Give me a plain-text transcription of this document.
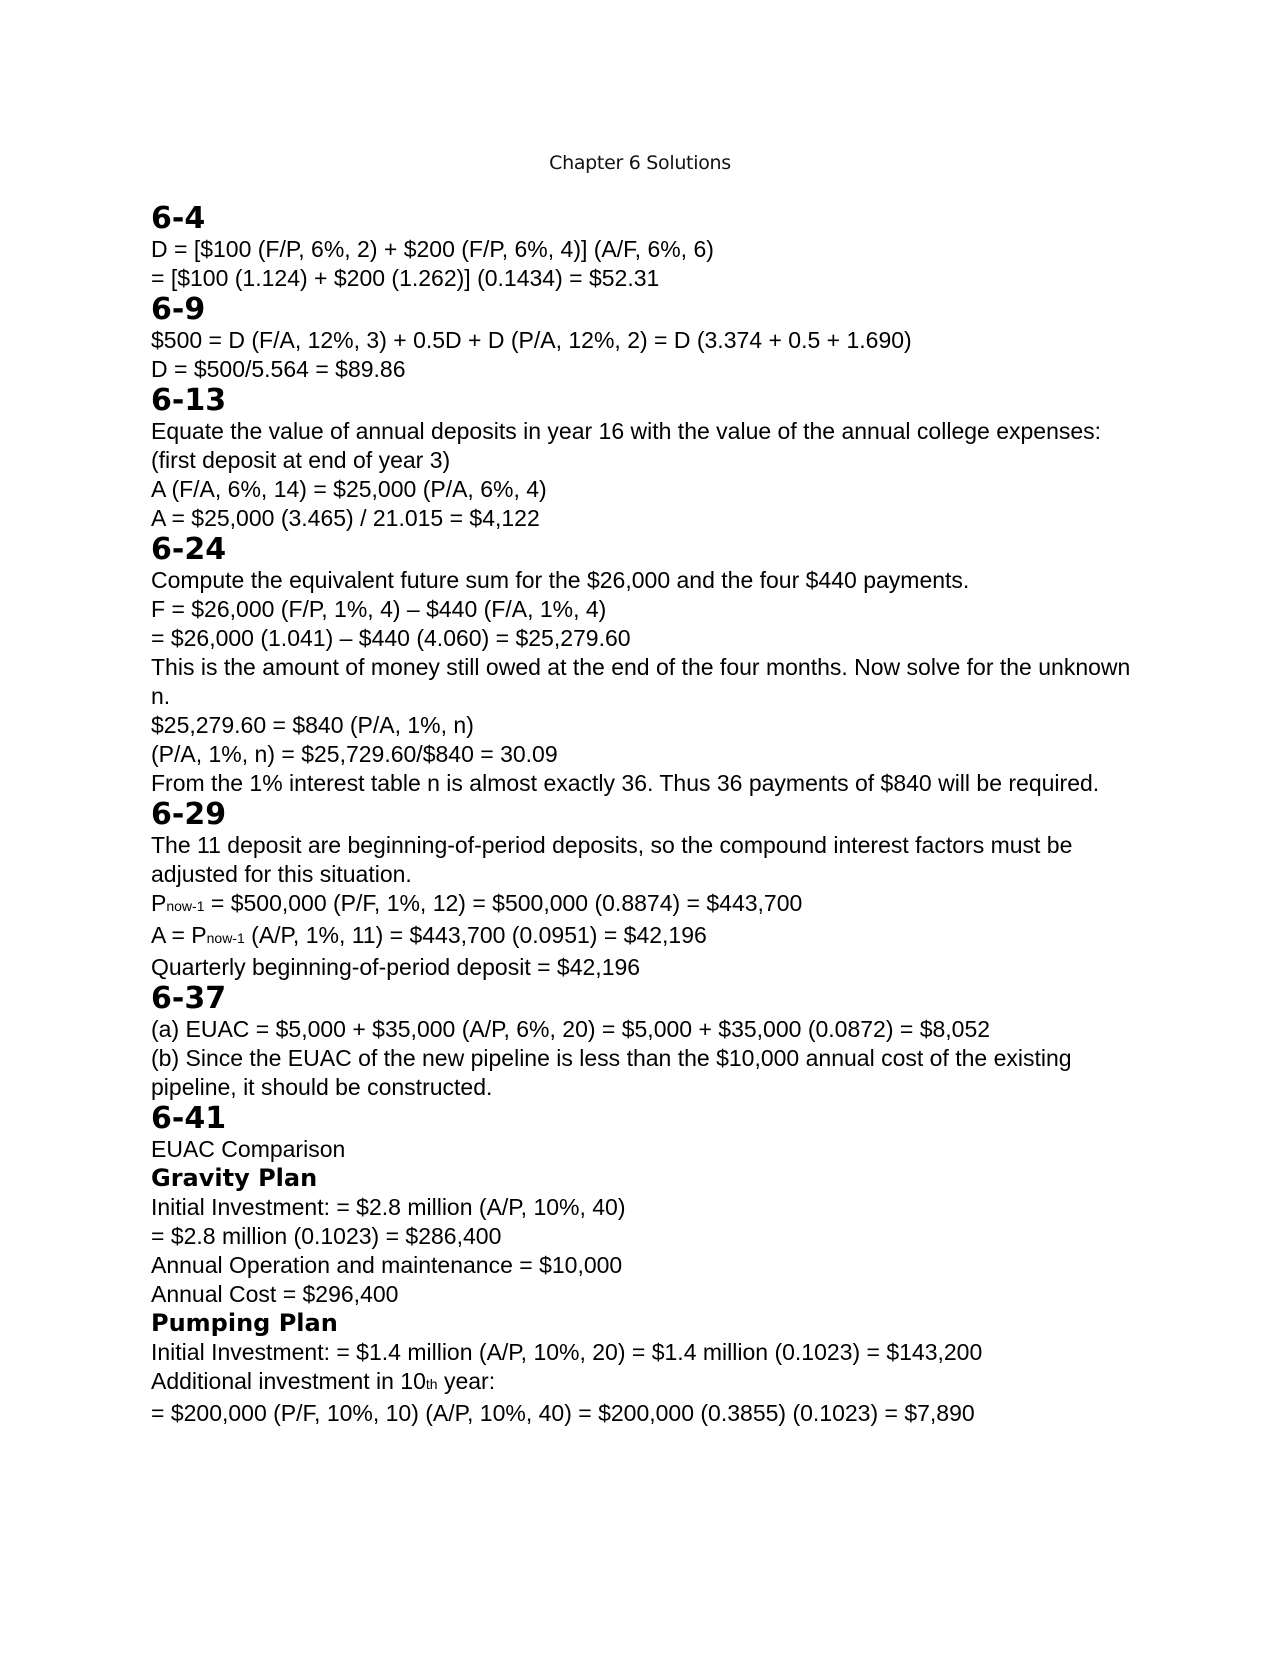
Chapter 6 Solutions
6-4

D = [$100 (F/P, 6%, 2) + $200 (F/P, 6%, 4)] (A/F, 6%, 6)

= [$100 (1.124) + $200 (1.262)] (0.1434) = $52.31

6-9

$500 = D (F/A, 12%, 3) + 0.5D + D (P/A, 12%, 2) = D (3.374 + 0.5 + 1.690)

D = $500/5.564 = $89.86

6-13

Equate the value of annual deposits in year 16 with the value of the annual college expenses: (first deposit at end of year 3)

A (F/A, 6%, 14) = $25,000 (P/A, 6%, 4)

A = $25,000 (3.465) / 21.015 = $4,122

6-24

Compute the equivalent future sum for the $26,000 and the four $440 payments.

F = $26,000 (F/P, 1%, 4) – $440 (F/A, 1%, 4)

= $26,000 (1.041) – $440 (4.060) = $25,279.60

This is the amount of money still owed at the end of the four months. Now solve for the unknown n.

$25,279.60 = $840 (P/A, 1%, n)

(P/A, 1%, n) = $25,729.60/$840 = 30.09

From the 1% interest table n is almost exactly 36. Thus 36 payments of $840 will be required.

6-29

The 11 deposit are beginning-of-period deposits, so the compound interest factors must be adjusted for this situation.

Pnow-1 = $500,000 (P/F, 1%, 12) = $500,000 (0.8874) = $443,700

A = Pnow-1 (A/P, 1%, 11) = $443,700 (0.0951) = $42,196

Quarterly beginning-of-period deposit = $42,196

6-37

(a) EUAC = $5,000 + $35,000 (A/P, 6%, 20) = $5,000 + $35,000 (0.0872) = $8,052

(b) Since the EUAC of the new pipeline is less than the $10,000 annual cost of the existing pipeline, it should be constructed.

6-41

EUAC Comparison

Gravity Plan

Initial Investment: = $2.8 million (A/P, 10%, 40)

= $2.8 million (0.1023) = $286,400

Annual Operation and maintenance = $10,000

Annual Cost = $296,400

Pumping Plan

Initial Investment: = $1.4 million (A/P, 10%, 20) = $1.4 million (0.1023) = $143,200

Additional investment in 10th year:

= $200,000 (P/F, 10%, 10) (A/P, 10%, 40) = $200,000 (0.3855) (0.1023) = $7,890
